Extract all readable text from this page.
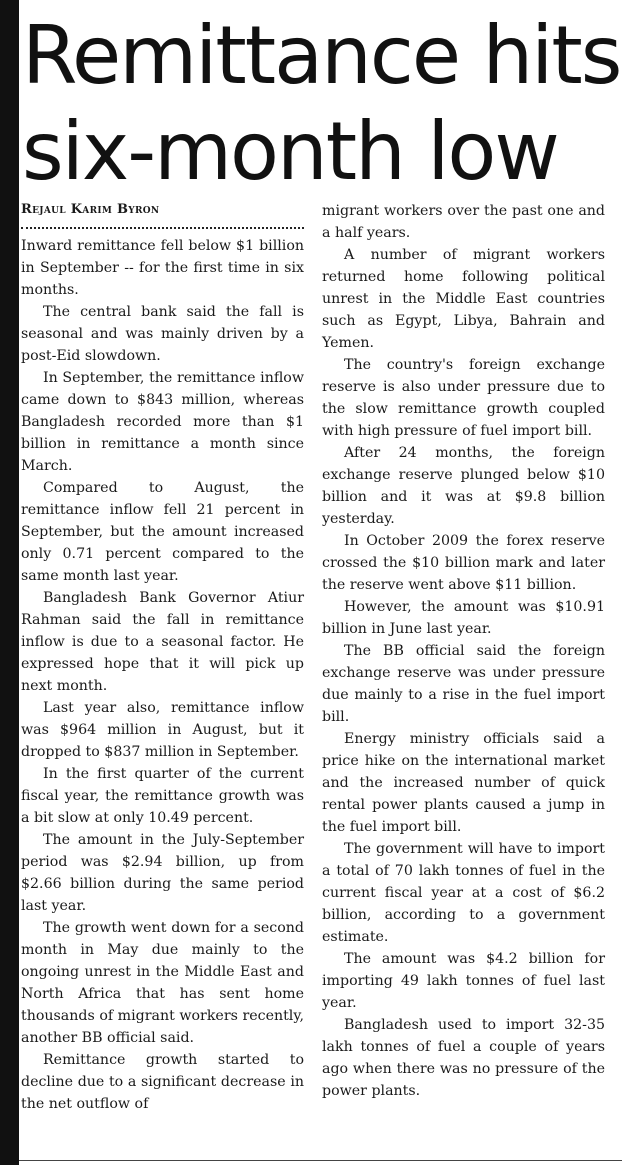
Remittance hits six-month low
Rejaul Karim Byron

Inward remittance fell below $1 billion in September -- for the first time in six months.

The central bank said the fall is seasonal and was mainly driven by a post-Eid slowdown.

In September, the remittance inflow came down to $843 million, whereas Bangladesh recorded more than $1 billion in remittance a month since March.

Compared to August, the remittance inflow fell 21 percent in September, but the amount increased only 0.71 percent compared to the same month last year.

Bangladesh Bank Governor Atiur Rahman said the fall in remittance inflow is due to a seasonal factor. He expressed hope that it will pick up next month.

Last year also, remittance inflow was $964 million in August, but it dropped to $837 million in September.

In the first quarter of the current fiscal year, the remittance growth was a bit slow at only 10.49 percent.

The amount in the July-September period was $2.94 billion, up from $2.66 billion during the same period last year.

The growth went down for a second month in May due mainly to the ongoing unrest in the Middle East and North Africa that has sent home thousands of migrant workers recently, another BB official said.

Remittance growth started to decline due to a significant decrease in the net outflow of

migrant workers over the past one and a half years.

A number of migrant workers returned home following political unrest in the Middle East countries such as Egypt, Libya, Bahrain and Yemen.

The country's foreign exchange reserve is also under pressure due to the slow remittance growth coupled with high pressure of fuel import bill.

After 24 months, the foreign exchange reserve plunged below $10 billion and it was at $9.8 billion yesterday.

In October 2009 the forex reserve crossed the $10 billion mark and later the reserve went above $11 billion.

However, the amount was $10.91 billion in June last year.

The BB official said the foreign exchange reserve was under pressure due mainly to a rise in the fuel import bill.

Energy ministry officials said a price hike on the international market and the increased number of quick rental power plants caused a jump in the fuel import bill.

The government will have to import a total of 70 lakh tonnes of fuel in the current fiscal year at a cost of $6.2 billion, according to a government estimate.

The amount was $4.2 billion for importing 49 lakh tonnes of fuel last year.

Bangladesh used to import 32-35 lakh tonnes of fuel a couple of years ago when there was no pressure of the power plants.
